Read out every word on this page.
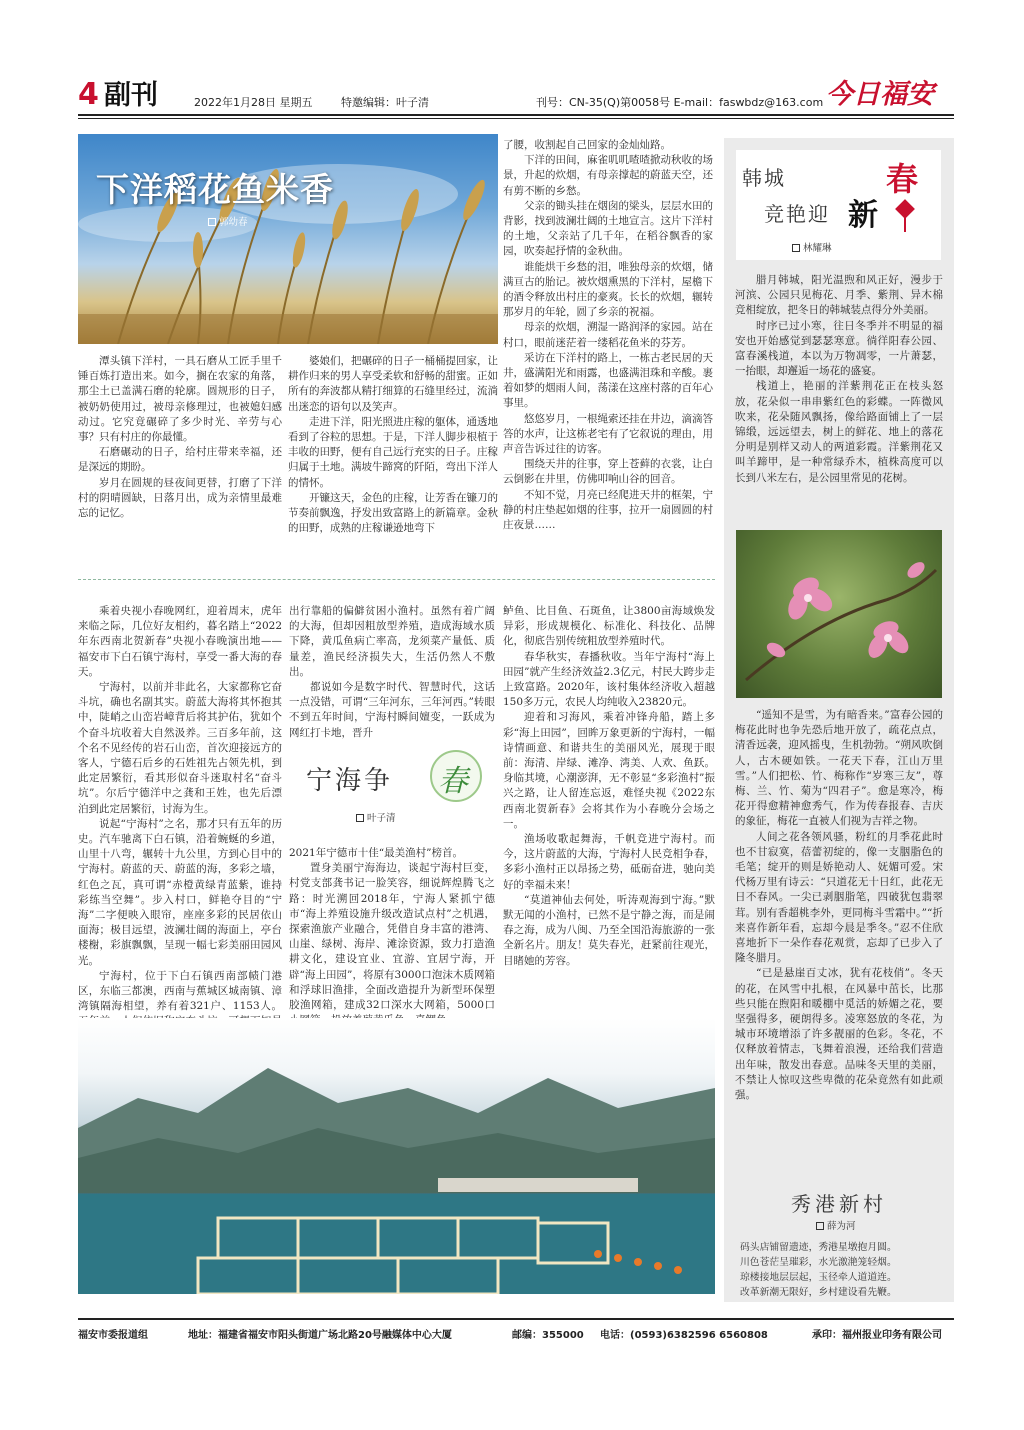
4 副刊	2022年1月28日 星期五	特邀编辑：叶子清	刊号：CN-35(Q)第0058号 E-mail：faswbdz@163.com 今日福安
下洋稻花鱼米香
郭幼春

潭头镇下洋村，一具石磨从工匠手里千锤百炼打造出来。如今，搁在农家的角落，那尘土已盖满石磨的轮廓。圆规形的日子，被奶奶使用过，被母亲修理过，也被媳妇感动过。它究竟碾碎了多少时光、辛劳与心事？只有村庄的你最懂。

石磨碾动的日子，给村庄带来幸福，还是深远的期盼。

岁月在圆规的昼夜间更替，打磨了下洋村的阴晴圆缺，日落月出，成为亲情里最难忘的记忆。

婆娘们，把碾碎的日子一桶桶提回家，让耕作归来的男人享受柔软和舒畅的甜蜜。正如所有的奔波都从精打细算的石缝里经过，流淌出迷恋的语句以及笑声。

走进下洋，阳光照进庄稼的躯体，通透地看到了谷粒的思想。于是，下洋人脚步根植于丰收的田野，便有自己远行充实的日子。庄稼归属于土地。满坡牛蹄窝的阡陌，弯出下洋人的情怀。

开镰这天，金色的庄稼，让芳香在镰刀的节奏前飘逸，抒发出致富路上的新篇章。金秋的田野，成熟的庄稼谦逊地弯下

了腰，收割起自己回家的金灿灿路。

下洋的田间，麻雀叽叽喳喳掀动秋收的场景，升起的炊烟，有母亲撑起的蔚蓝天空，还有剪不断的乡愁。

父亲的锄头挂在烟囱的梁头，层层水田的背影，找到波澜壮阔的土地宣言。这片下洋村的土地，父亲站了几千年，在稻谷飘香的家园，吹奏起抒情的金秋曲。

谁能烘干乡愁的泪，唯独母亲的炊烟，储满亘古的胎记。被炊烟熏黑的下洋村，屋檐下的酒令释放出村庄的豪爽。长长的炊烟，辗转那岁月的年轮，圆了乡亲的祝福。

母亲的炊烟，溯湿一路润泽的家园。站在村口，眼前迷茫着一缕稻花鱼米的芬芳。

采访在下洋村的路上，一栋古老民居的天井，盛满阳光和雨露，也盛满泪珠和辛酸。裹着如梦的烟雨人间，荡漾在这座村落的百年心事里。

悠悠岁月，一根绳索还挂在井边，滴滴答答的水声，让这栋老宅有了它叙说的理由，用声音告诉过往的访客。

围绕天井的往事，穿上苍藓的衣裳，让白云倒影在井里，仿佛叩响山谷的回音。

不知不觉，月亮已经爬进天井的框架，宁静的村庄垫起如烟的往事，拉开一扇圆圆的村庄夜景……

乘着央视小春晚网红，迎着周末，虎年来临之际，几位好友相约，暮名踏上“2022年东西南北贺新春”央视小春晚演出地——福安市下白石镇宁海村，享受一番大海的春天。

宁海村，以前并非此名，大家都称它奋斗坑，确也名副其实。蔚蓝大海将其怀抱其中，陡峭之山峦岩嶂背后将其护佑，犹如个个奋斗坑收着大自然汲养。三百多年前，这个名不见经传的岩石山峦，首次迎接远方的客人，宁德石后乡的石姓祖先占领先机，到此定居繁衍，看其形似奋斗迷取村名“奋斗坑”。尔后宁德洋中之龚和王姓，也先后漂泊到此定居繁衍，讨海为生。

说起“宁海村”之名，那才只有五年的历史。汽车驰离下白石镇，沿着蜿蜒的乡道，山里十八弯，辗转十九公里，方到心目中的宁海村。蔚蓝的天、蔚蓝的海，多彩之墙，红色之瓦，真可谓“赤橙黄绿青蓝紫，谁持彩练当空舞”。步入村口，鲜艳夺目的“宁海”二字便映入眼帘，座座多彩的民居依山面海；极目远望，波澜壮阔的海面上，亭台楼榭，彩旗飘飘，呈现一幅七彩美丽田园风光。

宁海村，位于下白石镇西南部帻门港区，东临三都澳，西南与蕉城区城南镇、漳湾镇隔海相望，养有着321户、1153人。

出行靠船的偏僻贫困小渔村。虽然有着广阔的大海，但却因粗放型养殖，造成海域水质下降，黄瓜鱼病亡率高，龙须菜产量低、质量差，渔民经济损失大，生活仍然人不敷出。

都说如今是数字时代、智慧时代，这话一点没错，可谓“三年河东，三年河西。”转眼不到五年时间，宁海村瞬间嬗变，一跃成为网红打卡地，晋升

宁海争 春
叶子清

2021年宁德市十佳“最美渔村”榜首。

置身美丽宁海海边，谈起宁海村巨变，村党支部龚书记一脸笑容，细说辉煌腾飞之路：时光溯回2018年，宁海人紧抓宁德市“海上养殖设施升级改造试点村”之机遇，探索渔旅产业融合，凭借自身丰富的港湾、山崖、绿树、海岸、滩涂资源，致力打造渔耕文化，建设宜业、宜游、宜居宁海，开辟“海上田园”，将原有3000口泡沫木质网箱和浮球旧渔排，全面改造提升为新型环保塑胶渔网箱，建成32口深水大网箱，5000口

鲈鱼、比目鱼、石斑鱼，让3800亩海域焕发异彩，形成规模化、标准化、科技化、品牌化，彻底告别传统粗放型养殖时代。

春华秋实，春播秋收。当年宁海村“海上田园”就产生经济效益2.3亿元，村民大跨步走上致富路。2020年，该村集体经济收入超越150多万元，农民人均纯收入23820元。

迎着和习海风，乘着冲锋舟船，踏上多彩“海上田园”，回眸万象更新的宁海村，一幅诗情画意、和谐共生的美丽风光，展现于眼前：海清、岸绿、滩净、湾美、人欢、鱼跃。身临其境，心潮澎湃，无不彰显“多彩渔村”振兴之路，让人留连忘返，难怪央视《2022东西南北贺新春》会将其作为小春晚分会场之一。

渔场收歌起舞海，千帆竞进宁海村。而今，这片蔚蓝的大海，宁海村人民竞相争春，多彩小渔村正以昂扬之势，砥砺奋进，驰向美好的幸福未来！

“莫道神仙去何处，听涛观海到宁海。”默默无闻的小渔村，已然不是宁静之海，而是闹春之海，成为八闽、乃至全国沿海旅游的一张全新名片。朋友！莫失春光，赶紧前往观光，目睹她的芳容。

韩城
竞艳迎 新
春
林耀琳

腊月韩城，阳光温煦和风正好，漫步于河滨、公园只见梅花、月季、紫荆、异木棉竞相绽放，把冬日的韩城装点得分外美丽。

时序已过小寒，往日冬季并不明显的福安也开始感觉到瑟瑟寒意。徜徉阳春公园、富春溪栈道，本以为万物凋零，一片萧瑟，一抬眼，却邂逅一场花的盛宴。

栈道上，艳丽的洋紫荆花正在枝头怒放，花朵似一串串紫红色的彩蝶。一阵微风吹来，花朵随风飘扬，像给路面铺上了一层锦缎，远远望去，树上的鲜花、地上的落花分明是别样又动人的两道彩霞。洋紫荆花又叫羊蹄甲，是一种常绿乔木，植株高度可以长到八米左右，是公园里常见的花树。

“遥知不是雪，为有暗香来。”富春公园的梅花此时也争先恐后地开放了，疏花点点，清香远袭，迎风摇曳，生机勃勃。“朔风吹倒人，古木硬如铁。一花天下春，江山万里雪。”人们把松、竹、梅称作“岁寒三友”，尊梅、兰、竹、菊为“四君子”。愈是寒冷，梅花开得愈精神愈秀气，作为传春报春、吉庆的象征，梅花一直被人们视为吉祥之物。

人间之花各领风骚，粉红的月季花此时也不甘寂寞，蓓蕾初绽的，像一支胭脂色的毛笔；绽开的则是娇艳动人、妩媚可爱。宋代杨万里有诗云：“只道花无十日红，此花无日不春风。一尖已剥胭脂笔，四破犹包翡翠茸。别有香超桃李外，更同梅斗雪霜中。”“折来喜作新年看，忘却今晨是季冬。”忍不住欣喜地折下一朵作春花观赏，忘却了已步入了隆冬腊月。

“已是悬崖百丈冰，犹有花枝俏”。冬天的花，在风雪中扎根，在风暴中茁长，比那些只能在煦阳和暖棚中觅活的娇媚之花，要坚强得多，硬朗得多。凌寒怒放的冬花，为城市环境增添了许多靓丽的色彩。冬花，不仅释放着情志，飞舞着浪漫，还给我们营造出年味，散发出春意。品味冬天里的美丽，不禁让人惊叹这些卑微的花朵竟然有如此顽强。

秀港新村
薛为河
码头店铺留遗迹，秀港星墩抱月圆。
川色苍茫呈璀彩，水光激滟笼轻烟。
琼楼接地层层起，玉径牵人道道连。
改革新潮无限好，乡村建设看先鞭。
福安市委报道组	地址：福建省福安市阳头街道广场北路20号融媒体中心大厦	邮编：355000 电话：(0593)6382596 6560808	承印：福州报业印务有限公司
